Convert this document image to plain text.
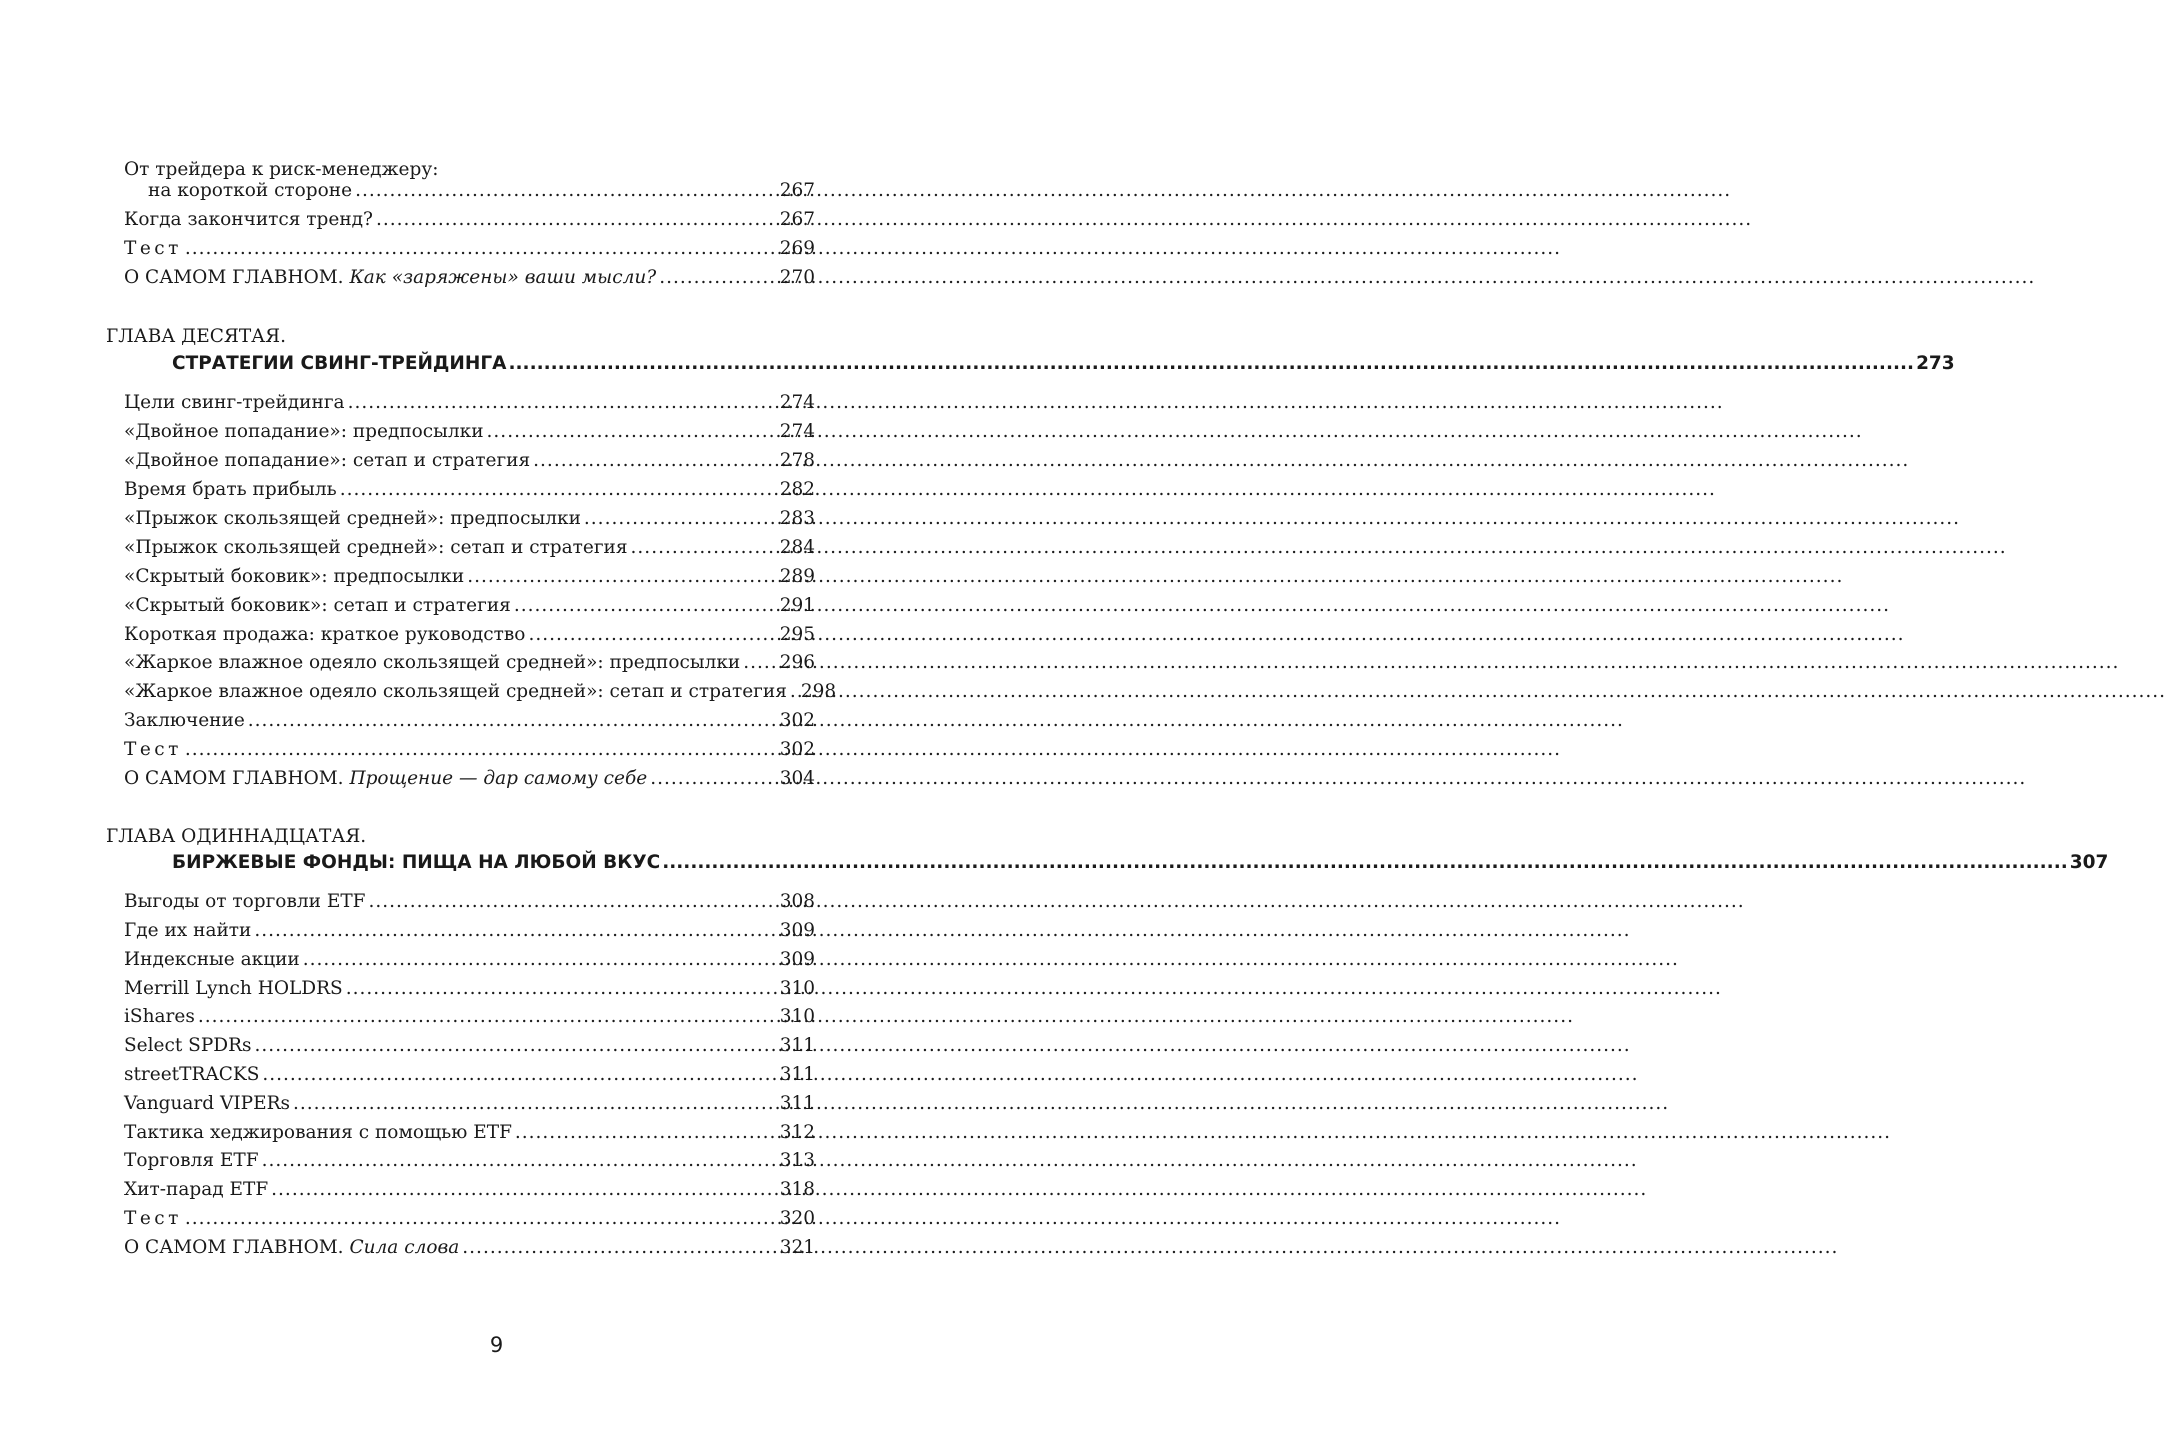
От трейдера к риск-менеджеру:
на короткой стороне .....	267
Когда закончится тренд? .....	267
Тест .....	269
О САМОМ ГЛАВНОМ. Как «заряжены» ваши мысли? .....	270
ГЛАВА ДЕСЯТАЯ.
СТРАТЕГИИ СВИНГ-ТРЕЙДИНГА .....	273
Цели свинг-трейдинга .....	274
«Двойное попадание»: предпосылки .....	274
«Двойное попадание»: сетап и стратегия .....	278
Время брать прибыль .....	282
«Прыжок скользящей средней»: предпосылки .....	283
«Прыжок скользящей средней»: сетап и стратегия .....	284
«Скрытый боковик»: предпосылки .....	289
«Скрытый боковик»: сетап и стратегия .....	291
Короткая продажа: краткое руководство .....	295
«Жаркое влажное одеяло скользящей средней»: предпосылки ..... 296
«Жаркое влажное одеяло скользящей средней»: сетап и стратегия ..... 298
Заключение .....	302
Тест .....	302
О САМОМ ГЛАВНОМ. Прощение — дар самому себе .....	304
ГЛАВА ОДИННАДЦАТАЯ.
БИРЖЕВЫЕ ФОНДЫ: ПИЩА НА ЛЮБОЙ ВКУС .....	307
Выгоды от торговли ETF .....	308
Где их найти .....	309
Индексные акции .....	309
Merrill Lynch HOLDRS .....	310
iShares .....	310
Select SPDRs .....	311
streetTRACKS .....	311
Vanguard VIPERs .....	311
Тактика хеджирования с помощью ETF .....	312
Торговля ETF .....	313
Хит-парад ETF .....	318
Тест .....	320
О САМОМ ГЛАВНОМ. Сила слова .....	321
9
